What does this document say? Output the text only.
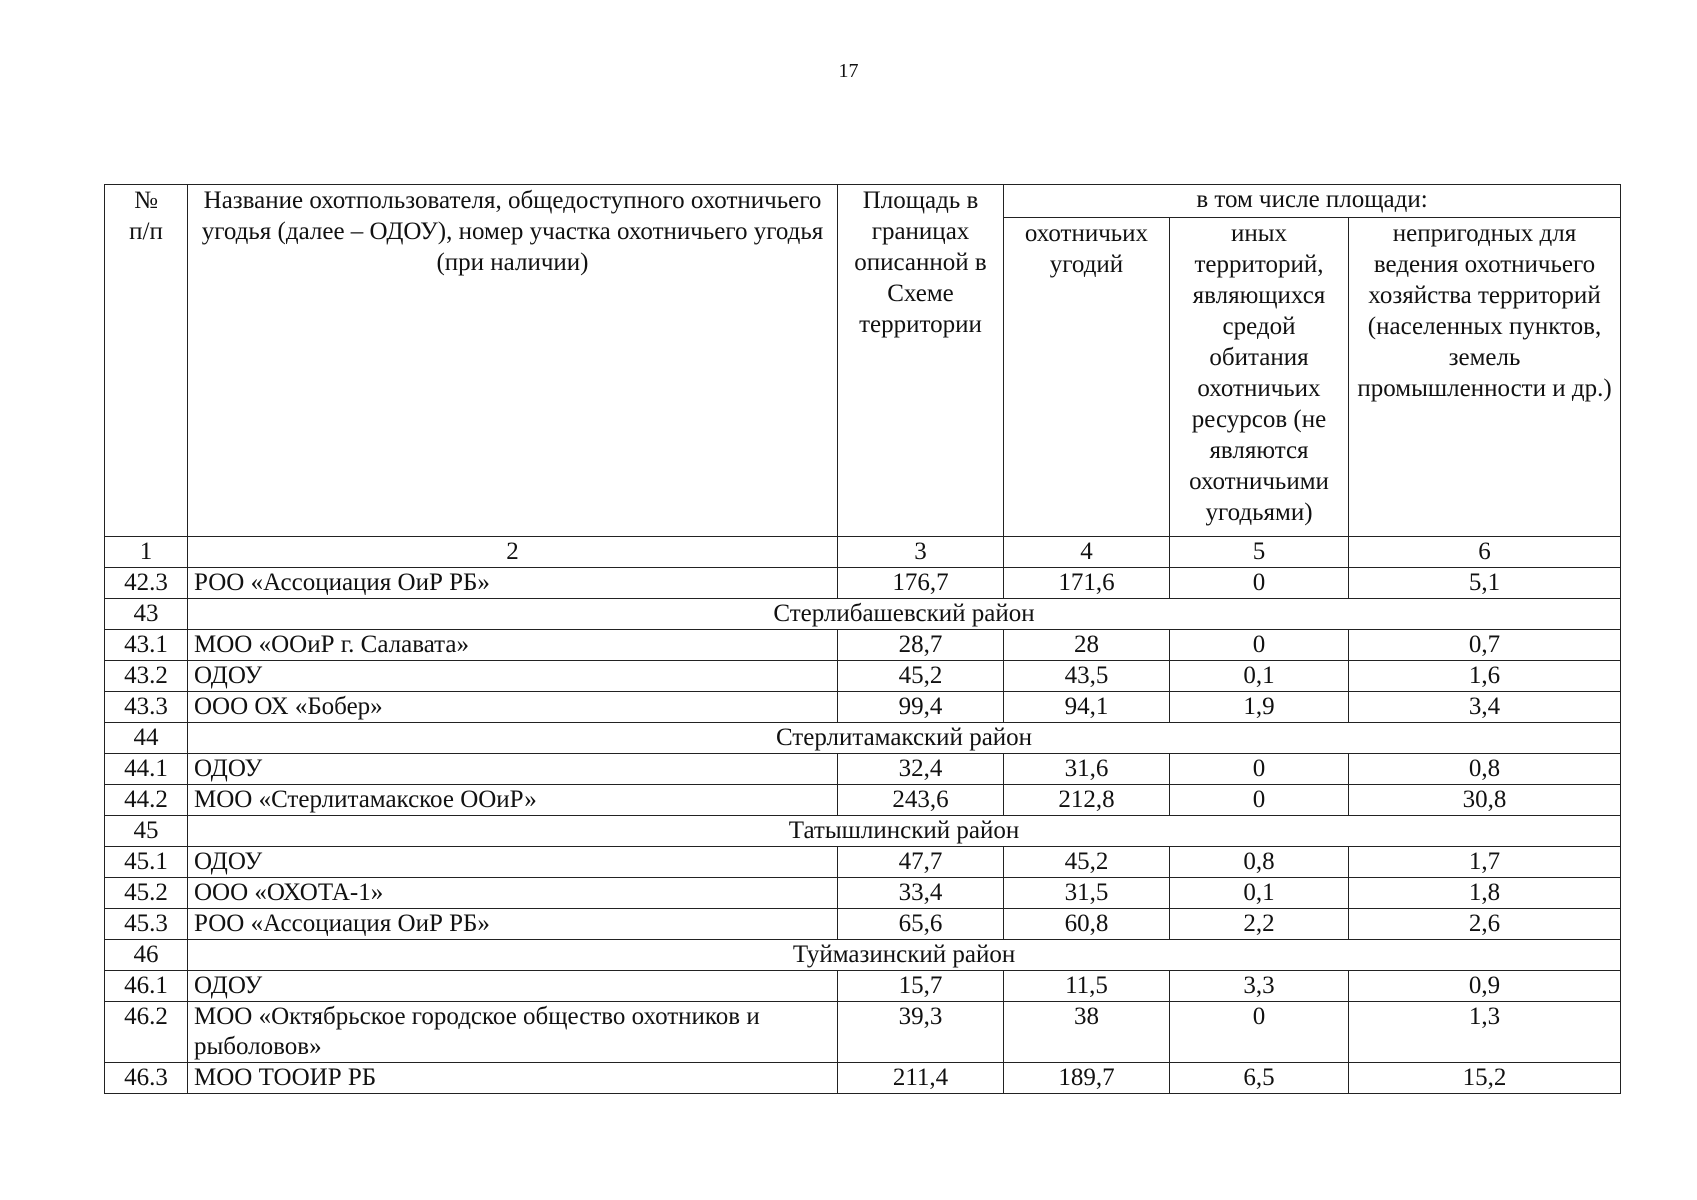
17
№
п/п	Название охотпользователя, общедоступного охотничьего угодья (далее – ОДОУ), номер участка охотничьего угодья (при наличии)	Площадь в границах описанной в Схеме территории	в том числе площади:		
			охотничьих угодий	иных территорий, являющихся средой обитания охотничьих ресурсов (не являются охотничьими угодьями)	непригодных для ведения охотничьего хозяйства территорий (населенных пунктов, земель промышленности и др.)
1	2	3	4	5	6
42.3	РОО «Ассоциация ОиР РБ»	176,7	171,6	0	5,1
43	Стерлибашевский район				
43.1	МОО «ООиР г. Салавата»	28,7	28	0	0,7
43.2	ОДОУ	45,2	43,5	0,1	1,6
43.3	ООО ОХ «Бобер»	99,4	94,1	1,9	3,4
44	Стерлитамакский район				
44.1	ОДОУ	32,4	31,6	0	0,8
44.2	МОО «Стерлитамакское ООиР»	243,6	212,8	0	30,8
45	Татышлинский район				
45.1	ОДОУ	47,7	45,2	0,8	1,7
45.2	ООО «ОХОТА-1»	33,4	31,5	0,1	1,8
45.3	РОО «Ассоциация ОиР РБ»	65,6	60,8	2,2	2,6
46	Туймазинский район				
46.1	ОДОУ	15,7	11,5	3,3	0,9
46.2	МОО «Октябрьское городское общество охотников и рыболовов»	39,3	38	0	1,3
46.3	МОО ТООИР РБ	211,4	189,7	6,5	15,2
